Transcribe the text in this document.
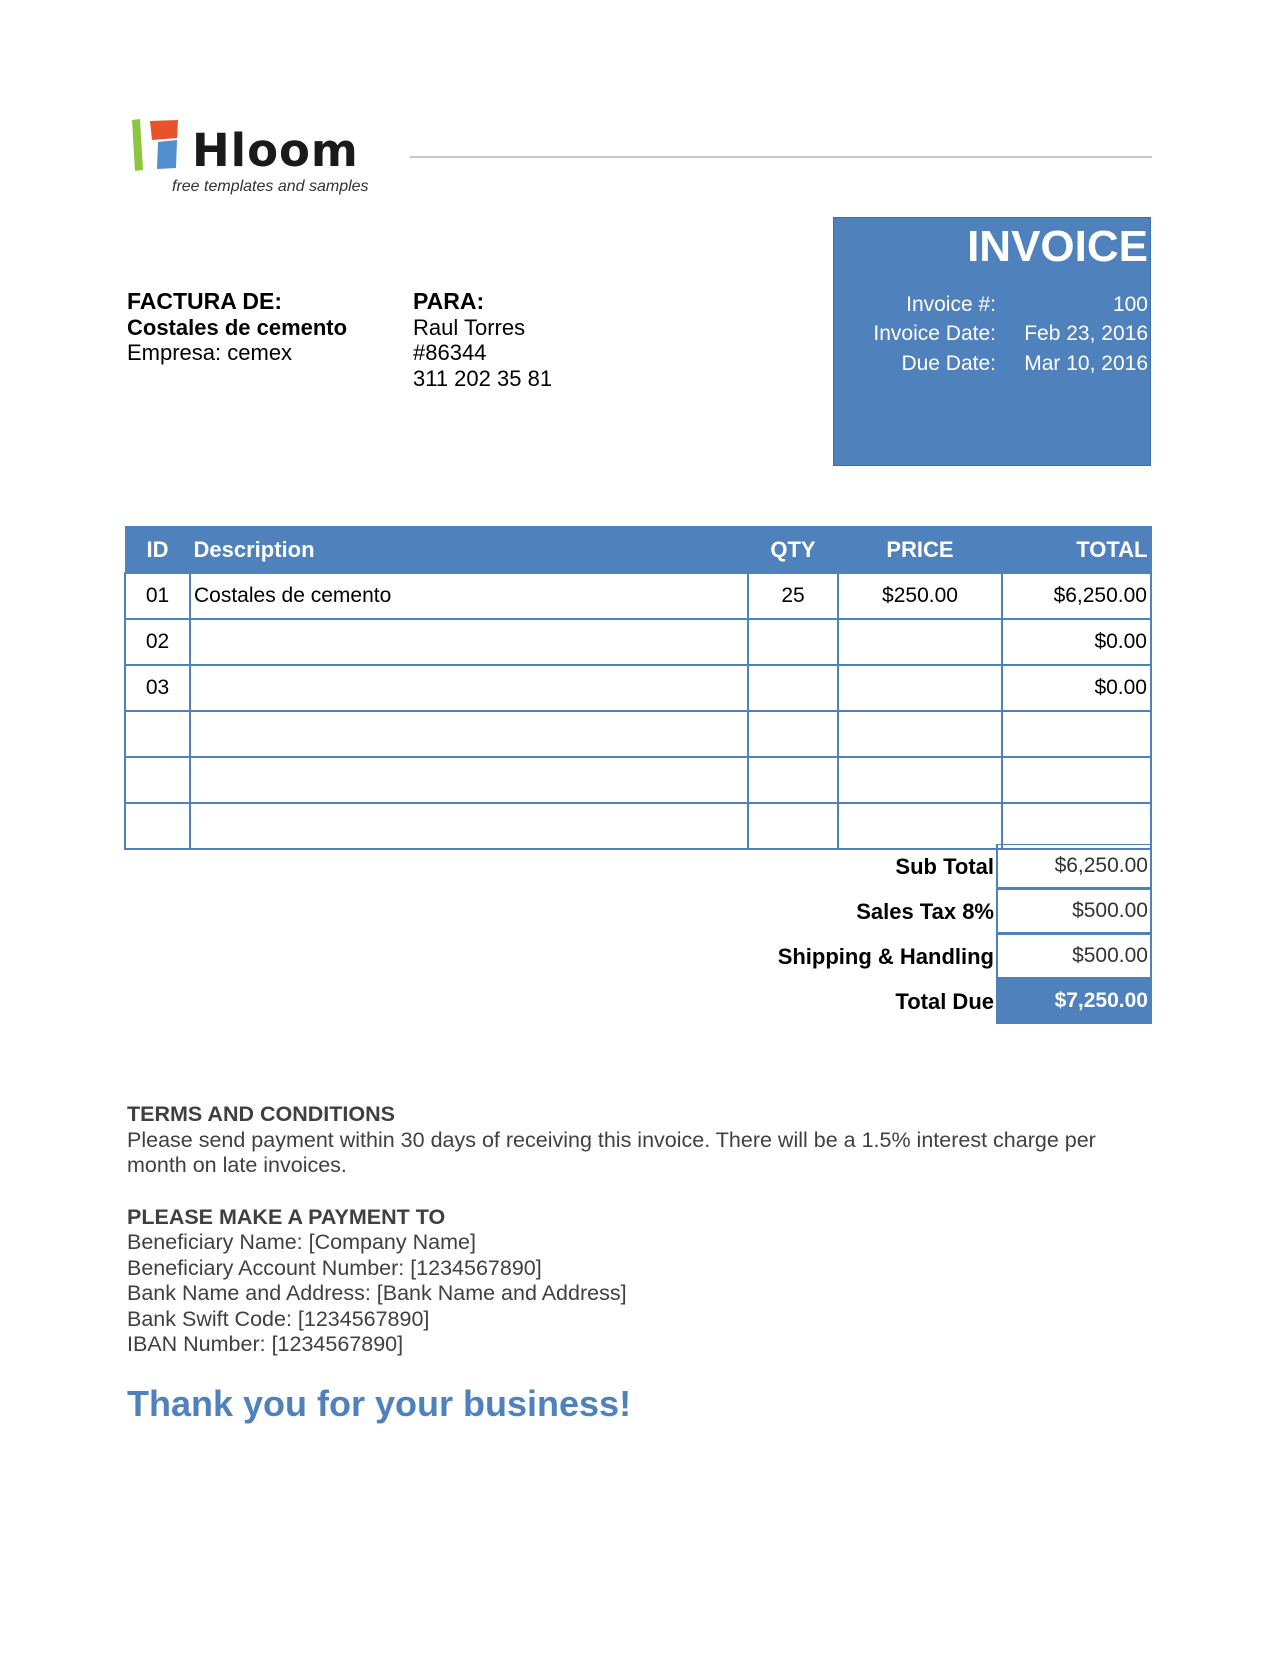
Hloom
free templates and samples
INVOICE
Invoice #:	100
Invoice Date:	Feb 23, 2016
Due Date:	Mar 10, 2016
FACTURA DE:
Costales de cemento
Empresa: cemex
PARA:
Raul Torres
#86344
311 202 35 81
ID	Description	QTY	PRICE	TOTAL
01	Costales de cemento	25	$250.00	$6,250.00
02				$0.00
03				$0.00

Sub Total	$6,250.00
Sales Tax 8%	$500.00
Shipping & Handling	$500.00
Total Due	$7,250.00
TERMS AND CONDITIONS
Please send payment within 30 days of receiving this invoice. There will be a 1.5% interest charge per month on late invoices.
PLEASE MAKE A PAYMENT TO
Beneficiary Name: [Company Name]
Beneficiary Account Number: [1234567890]
Bank Name and Address: [Bank Name and Address]
Bank Swift Code: [1234567890]
IBAN Number: [1234567890]
Thank you for your business!
